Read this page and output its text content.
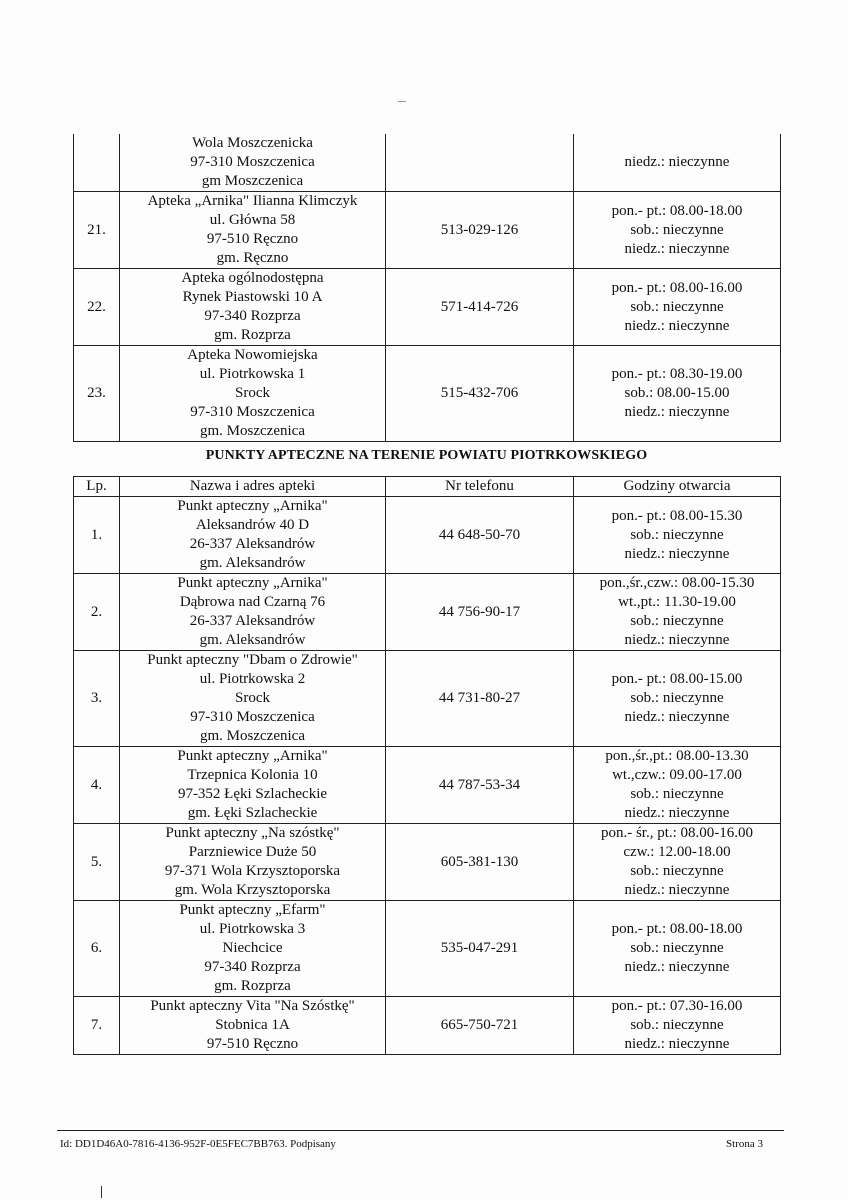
	Wola Moszczenicka
97-310 Moszczenica
gm Moszczenica		niedz.: nieczynne

21.	Apteka „Arnika" Ilianna Klimczyk
ul. Główna 58
97-510 Ręczno
gm. Ręczno	513-029-126	pon.- pt.: 08.00-18.00
sob.: nieczynne
niedz.: nieczynne

22.	Apteka ogólnodostępna
Rynek Piastowski 10 A
97-340 Rozprza
gm. Rozprza	571-414-726	pon.- pt.: 08.00-16.00
sob.: nieczynne
niedz.: nieczynne

23.	Apteka Nowomiejska
ul. Piotrkowska 1
Srock
97-310 Moszczenica
gm. Moszczenica	515-432-706	pon.- pt.: 08.30-19.00
sob.: 08.00-15.00
niedz.: nieczynne
PUNKTY APTECZNE NA TERENIE POWIATU PIOTRKOWSKIEGO
Lp.	Nazwa i adres apteki	Nr telefonu	Godziny otwarcia
1.	Punkt apteczny „Arnika"
Aleksandrów 40 D
26-337 Aleksandrów
gm. Aleksandrów	44 648-50-70	pon.- pt.: 08.00-15.30
sob.: nieczynne
niedz.: nieczynne

2.	Punkt apteczny „Arnika"
Dąbrowa nad Czarną 76
26-337 Aleksandrów
gm. Aleksandrów	44 756-90-17	pon.,śr.,czw.: 08.00-15.30
wt.,pt.: 11.30-19.00
sob.: nieczynne
niedz.: nieczynne

3.	Punkt apteczny "Dbam o Zdrowie"
ul. Piotrkowska 2
Srock
97-310 Moszczenica
gm. Moszczenica	44 731-80-27	pon.- pt.: 08.00-15.00
sob.: nieczynne
niedz.: nieczynne

4.	Punkt apteczny „Arnika"
Trzepnica Kolonia 10
97-352 Łęki Szlacheckie
gm. Łęki Szlacheckie	44 787-53-34	pon.,śr.,pt.: 08.00-13.30
wt.,czw.: 09.00-17.00
sob.: nieczynne
niedz.: nieczynne

5.	Punkt apteczny „Na szóstkę"
Parzniewice Duże 50
97-371 Wola Krzysztoporska
gm. Wola Krzysztoporska	605-381-130	pon.- śr., pt.: 08.00-16.00
czw.: 12.00-18.00
sob.: nieczynne
niedz.: nieczynne

6.	Punkt apteczny „Efarm"
ul. Piotrkowska 3
Niechcice
97-340 Rozprza
gm. Rozprza	535-047-291	pon.- pt.: 08.00-18.00
sob.: nieczynne
niedz.: nieczynne

7.	Punkt apteczny Vita "Na Szóstkę"
Stobnica 1A
97-510 Ręczno	665-750-721	pon.- pt.: 07.30-16.00
sob.: nieczynne
niedz.: nieczynne
Id: DD1D46A0-7816-4136-952F-0E5FEC7BB763. Podpisany	Strona 3
